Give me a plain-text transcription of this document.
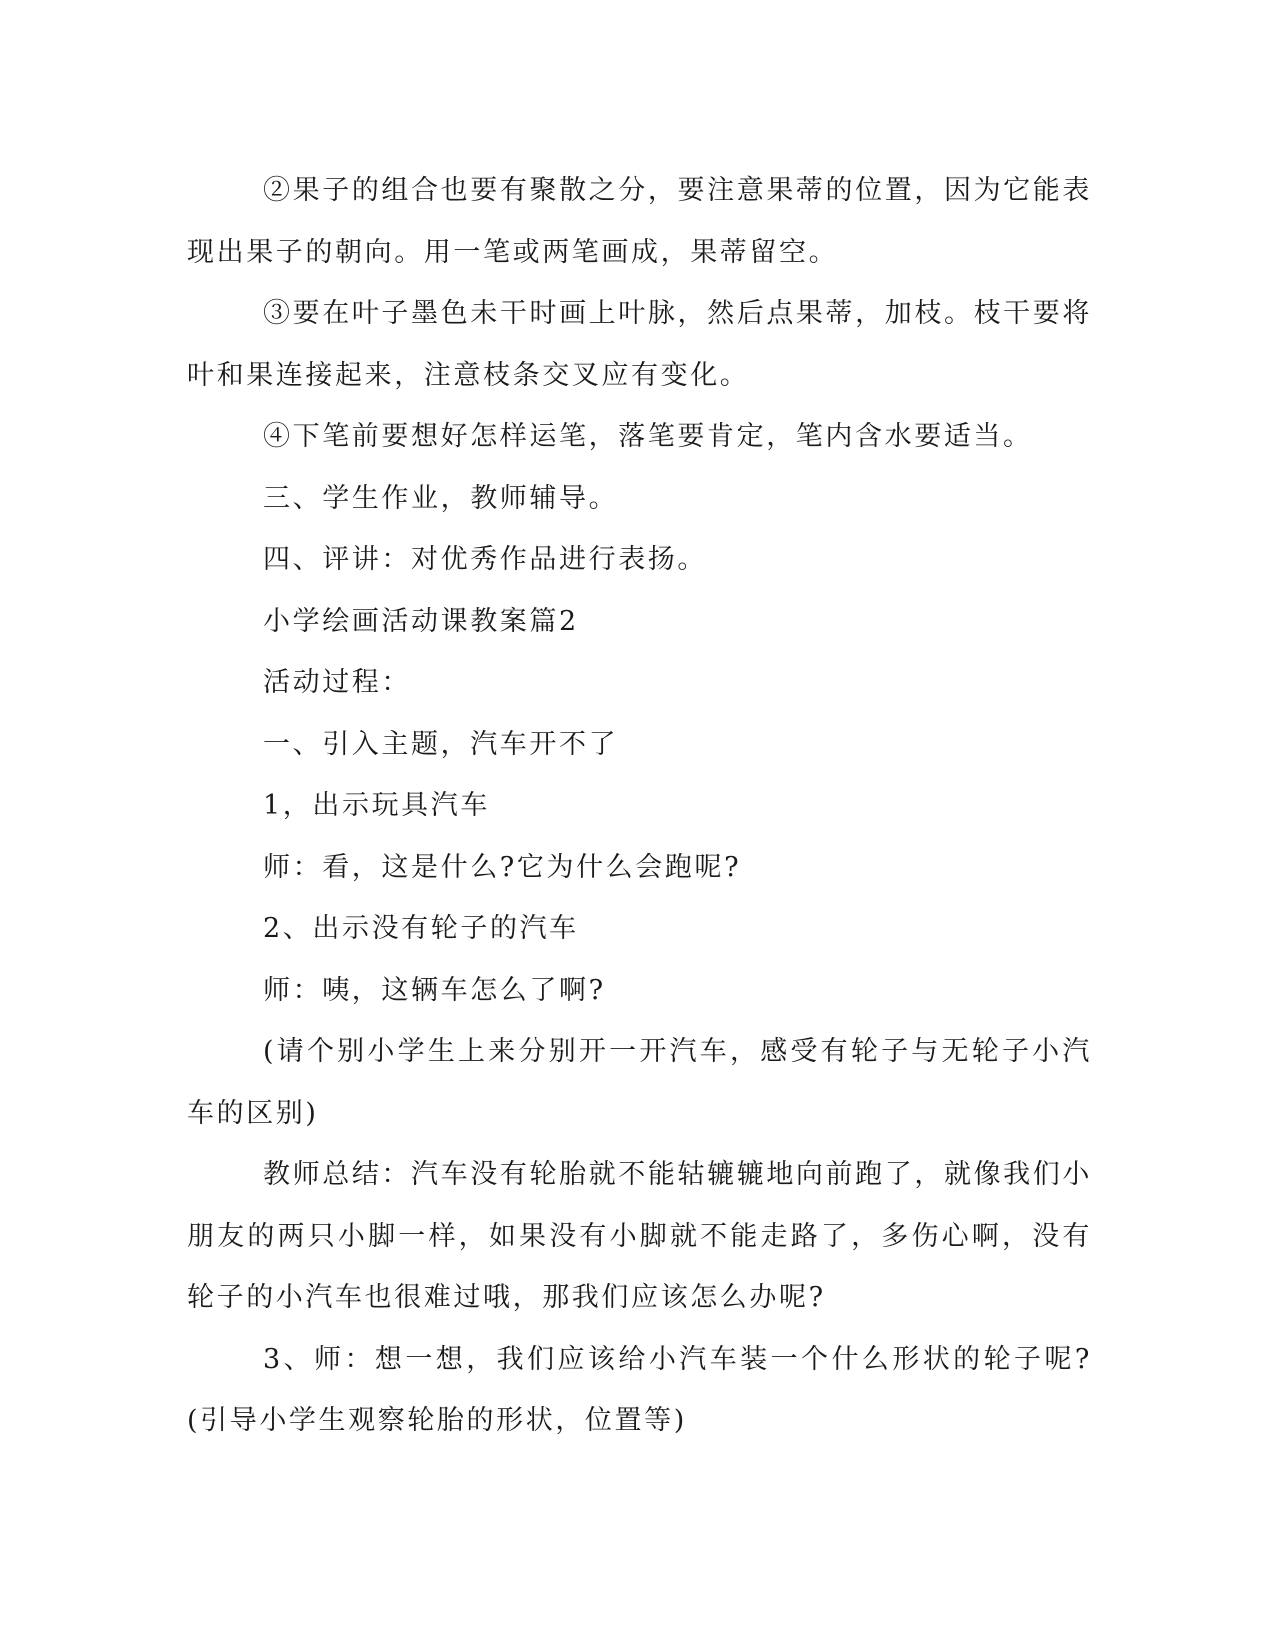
②果子的组合也要有聚散之分，要注意果蒂的位置，因为它能表现出果子的朝向。用一笔或两笔画成，果蒂留空。

③要在叶子墨色未干时画上叶脉，然后点果蒂，加枝。枝干要将叶和果连接起来，注意枝条交叉应有变化。

④下笔前要想好怎样运笔，落笔要肯定，笔内含水要适当。

三、学生作业，教师辅导。

四、评讲：对优秀作品进行表扬。

小学绘画活动课教案篇2

活动过程：

一、引入主题，汽车开不了

1，出示玩具汽车

师：看，这是什么?它为什么会跑呢?

2、出示没有轮子的汽车

师：咦，这辆车怎么了啊?

(请个别小学生上来分别开一开汽车，感受有轮子与无轮子小汽车的区别)

教师总结：汽车没有轮胎就不能轱辘辘地向前跑了，就像我们小朋友的两只小脚一样，如果没有小脚就不能走路了，多伤心啊，没有轮子的小汽车也很难过哦，那我们应该怎么办呢?

3、师：想一想，我们应该给小汽车装一个什么形状的轮子呢?(引导小学生观察轮胎的形状，位置等)
